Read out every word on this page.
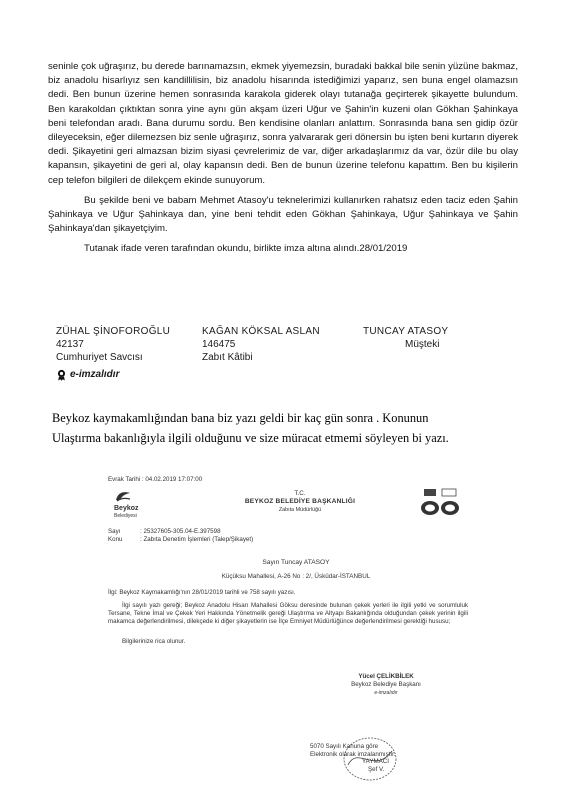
seninle çok uğraşırız, bu derede barınamazsın, ekmek yiyemezsin, buradaki bakkal bile senin yüzüne bakmaz, biz anadolu hisarlıyız sen kandillilisin, biz anadolu hisarında istediğimizi yaparız, sen buna engel olamazsın dedi. Ben bunun üzerine hemen sonrasında karakola giderek olayı tutanağa geçirterek şikayette bulundum. Ben karakoldan çıktıktan sonra yine aynı gün akşam üzeri Uğur ve Şahin'in kuzeni olan Gökhan Şahinkaya beni telefondan aradı. Bana durumu sordu. Ben kendisine olanları anlattım. Sonrasında bana sen gidip özür dileyeceksin, eğer dilemezsen biz senle uğraşırız, sonra yalvararak geri dönersin bu işten beni kurtarın diyerek dedi. Şikayetini geri almazsan bizim siyasi çevrelerimiz de var, diğer arkadaşlarımız da var, özür dile bu olay kapansın, şikayetini de geri al, olay kapansın dedi. Ben de bunun üzerine telefonu kapattım. Ben bu kişilerin cep telefon bilgileri de dilekçem ekinde sunuyorum.

Bu şekilde beni ve babam Mehmet Atasoy'u teknelerimizi kullanırken rahatsız eden taciz eden Şahin Şahinkaya ve Uğur Şahinkaya dan, yine beni tehdit eden Gökhan Şahinkaya, Uğur Şahinkaya ve Şahin Şahinkaya'dan şikayetçiyim.

Tutanak ifade veren tarafından okundu, birlikte imza altına alındı.28/01/2019

ZÜHAL ŞİNOFOROĞLU
42137
Cumhuriyet Savcısı
e-imzalıdır
KAĞAN KÖKSAL ASLAN
146475
Zabıt Kâtibi
TUNCAY ATASOY
Müşteki
Beykoz kaymakamlığından bana biz yazı geldi bir kaç gün sonra . Konunun
Ulaştırma bakanlığıyla ilgili olduğunu ve size müracat etmemi söyleyen bi yazı.
Evrak Tarihi : 04.02.2019 17:07:00
Beykoz
Belediyesi
T.C.
BEYKOZ BELEDİYE BAŞKANLIĞI
Zabıta Müdürlüğü
Sayı	: 25327605-305.04-E.397598
Konu	: Zabıta Denetim İşlemleri (Talep/Şikayet)
Sayın Tuncay ATASOY
Küçüksu Mahallesi, A-26 No : 2/, Üsküdar-İSTANBUL
İlgi: Beykoz Kaymakamlığı'nın 28/01/2019 tarihli ve 758 sayılı yazısı.
İlgi sayılı yazı gereği; Beykoz Anadolu Hisarı Mahallesi Göksu deresinde bulunan çekek yerleri ile ilgili yetki ve sorumluluk Tersane, Tekne İmal ve Çekek Yeri Hakkında Yönetmelik gereği Ulaştırma ve Altyapı Bakanlığında olduğundan çekek yerinin ilgili makamca değerlendirilmesi, dilekçede ki diğer şikayetlerin ise İlçe Emniyet Müdürlüğünce değerlendirilmesi gerektiği hususu;
Bilgilerinize rica olunur.
Yücel ÇELİKBİLEK
Beykoz Belediye Başkanı
e-imzalıdır
5070 Sayılı Kanuna göre
Elektronik olarak imzalanmıştır.
YAYMACI
Şef V.
